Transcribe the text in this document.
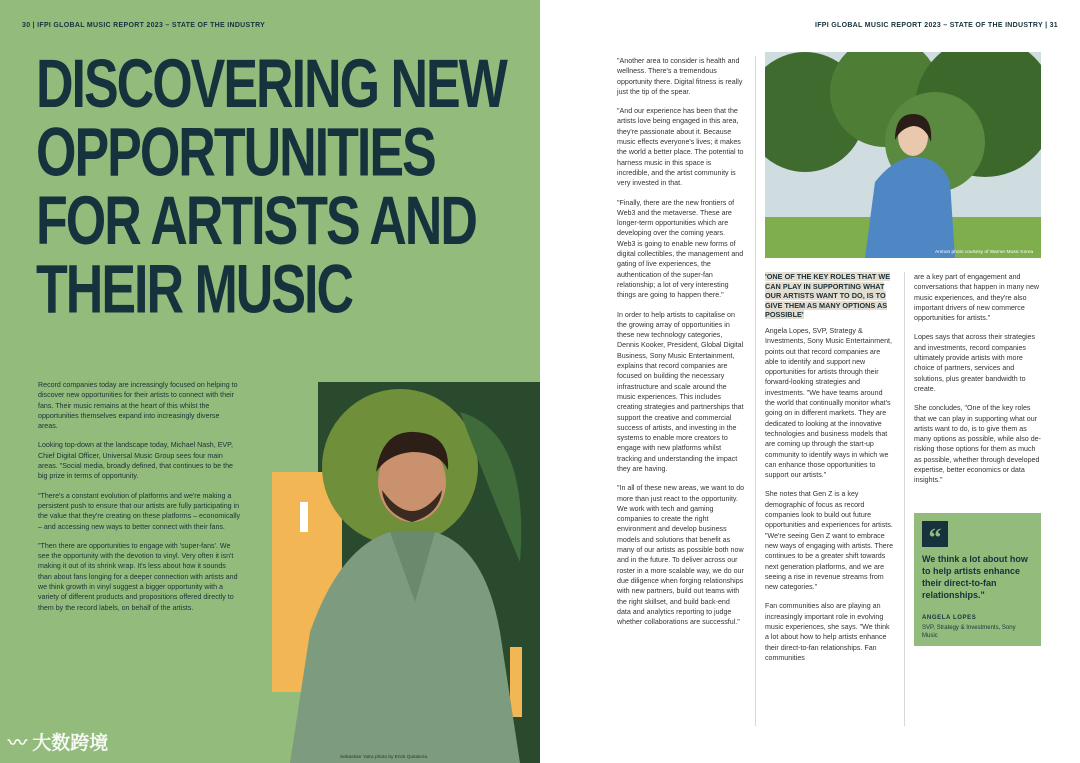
30 | IFPI GLOBAL MUSIC REPORT 2023 – STATE OF THE INDUSTRY
DISCOVERING NEW OPPORTUNITIES FOR ARTISTS AND THEIR MUSIC

Record companies today are increasingly focused on helping to discover new opportunities for their artists to connect with their fans. Their music remains at the heart of this whilst the opportunities themselves expand into increasingly diverse areas.

Looking top-down at the landscape today, Michael Nash, EVP, Chief Digital Officer, Universal Music Group sees four main areas. "Social media, broadly defined, that continues to be the big prize in terms of opportunity.

"There's a constant evolution of platforms and we're making a persistent push to ensure that our artists are fully participating in the value that they're creating on these platforms – economically – and accessing new ways to better connect with their fans.

"Then there are opportunities to engage with 'super-fans'. We see the opportunity with the devotion to vinyl. Very often it isn't making it out of its shrink wrap. It's less about how it sounds than about fans longing for a deeper connection with artists and we think growth in vinyl suggest a bigger opportunity with a variety of different products and propositions offered directly to them by the record labels, on behalf of the artists.

Sebastian Yatra photo by Erick Quitaleza
〰︎ 大数跨境
IFPI GLOBAL MUSIC REPORT 2023 – STATE OF THE INDUSTRY | 31

"Another area to consider is health and wellness. There's a tremendous opportunity there. Digital fitness is really just the tip of the spear.

"And our experience has been that the artists love being engaged in this area, they're passionate about it. Because music effects everyone's lives; it makes the world a better place. The potential to harness music in this space is incredible, and the artist community is very invested in that.

"Finally, there are the new frontiers of Web3 and the metaverse. These are longer-term opportunities which are developing over the coming years. Web3 is going to enable new forms of digital collectibles, the management and gating of live experiences, the authentication of the super-fan relationship; a lot of very interesting things are going to happen there."

In order to help artists to capitalise on the growing array of opportunities in these new technology categories, Dennis Kooker, President, Global Digital Business, Sony Music Entertainment, explains that record companies are focused on building the necessary infrastructure and scale around the music experiences. This includes creating strategies and partnerships that support the creative and commercial success of artists, and investing in the systems to enable more creators to engage with new platforms whilst tracking and understanding the impact they are having.

"In all of these new areas, we want to do more than just react to the opportunity. We work with tech and gaming companies to create the right environment and develop business models and solutions that benefit as many of our artists as possible both now and in the future. To deliver across our roster in a more scalable way, we do our due diligence when forging relationships with new partners, build out teams with the right skillset, and build back-end data and analytics reporting to judge whether collaborations are successful."

Anmon photo courtesy of Warner Music Korea
'ONE OF THE KEY ROLES THAT WE CAN PLAY IN SUPPORTING WHAT OUR ARTISTS WANT TO DO, IS TO GIVE THEM AS MANY OPTIONS AS POSSIBLE'

Angela Lopes, SVP, Strategy & Investments, Sony Music Entertainment, points out that record companies are able to identify and support new opportunities for artists through their forward-looking strategies and investments. "We have teams around the world that continually monitor what's going on in different markets. They are dedicated to looking at the innovative technologies and business models that are coming up through the start-up community to identify ways in which we can enhance those opportunities to support our artists."

She notes that Gen Z is a key demographic of focus as record companies look to build out future opportunities and experiences for artists. "We're seeing Gen Z want to embrace new ways of engaging with artists. There continues to be a greater shift towards next generation platforms, and we are seeing a rise in revenue streams from new categories."

Fan communities also are playing an increasingly important role in evolving music experiences, she says. "We think a lot about how to help artists enhance their direct-to-fan relationships. Fan communities

are a key part of engagement and conversations that happen in many new music experiences, and they're also important drivers of new commerce opportunities for artists."

Lopes says that across their strategies and investments, record companies ultimately provide artists with more choice of partners, services and solutions, plus greater bandwidth to create.

She concludes, "One of the key roles that we can play in supporting what our artists want to do, is to give them as many options as possible, while also de-risking those options for them as much as possible, whether through developed expertise, better economics or data insights."

“
We think a lot about how to help artists enhance their direct-to-fan relationships."
ANGELA LOPES
SVP, Strategy & Investments, Sony Music
